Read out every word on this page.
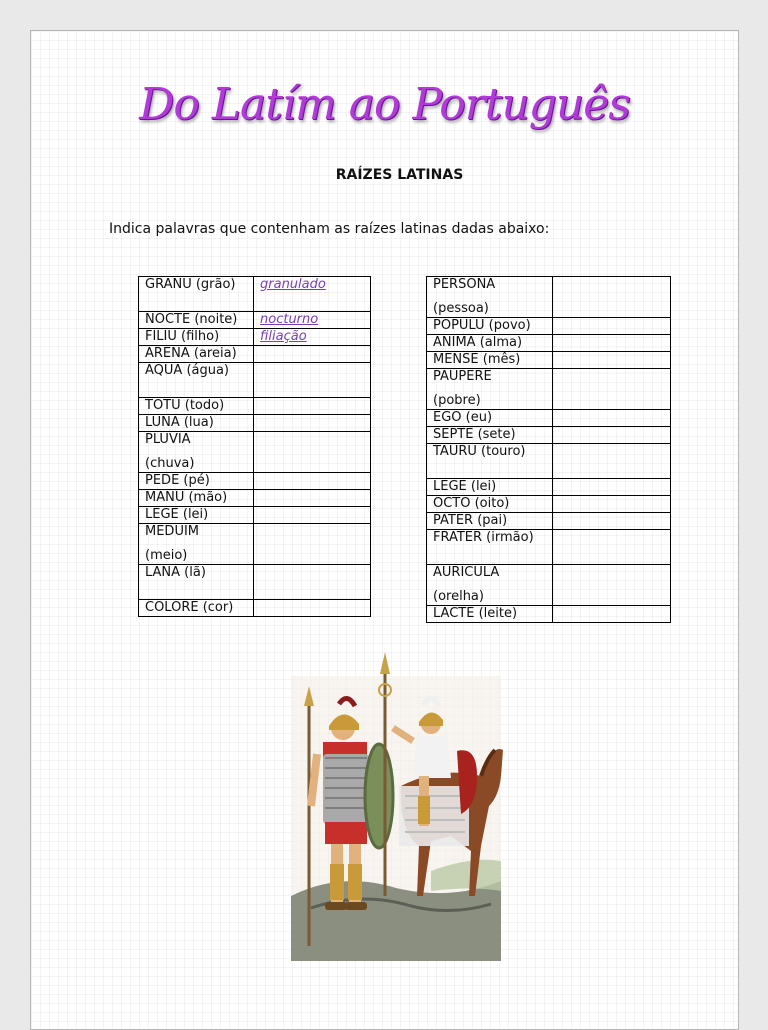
Do Latím ao Português
RAÍZES LATINAS
Indica palavras que contenham as raízes latinas dadas abaixo:
GRANU (grão)	granulado

NOCTE (noite)	nocturno

FILIU (filho)	filiação

ARENA (areia)	

AQUA (água)	

TOTU (todo)	

LUNA (lua)	

PLUVIA
(chuva)	

PEDE (pé)	

MANU (mão)	

LEGE (lei)	

MEDUIM
(meio)	

LANA (lã)	

COLORE (cor)	

PERSONA
(pessoa)	

POPULU (povo)	

ANIMA (alma)	

MENSE (mês)	

PAUPERE
(pobre)	

EGO (eu)	

SEPTE (sete)	

TAURU (touro)	

LEGE (lei)	

OCTO (oito)	

PATER (pai)	

FRATER (irmão)	

AURICULA
(orelha)	

LACTE (leite)	
